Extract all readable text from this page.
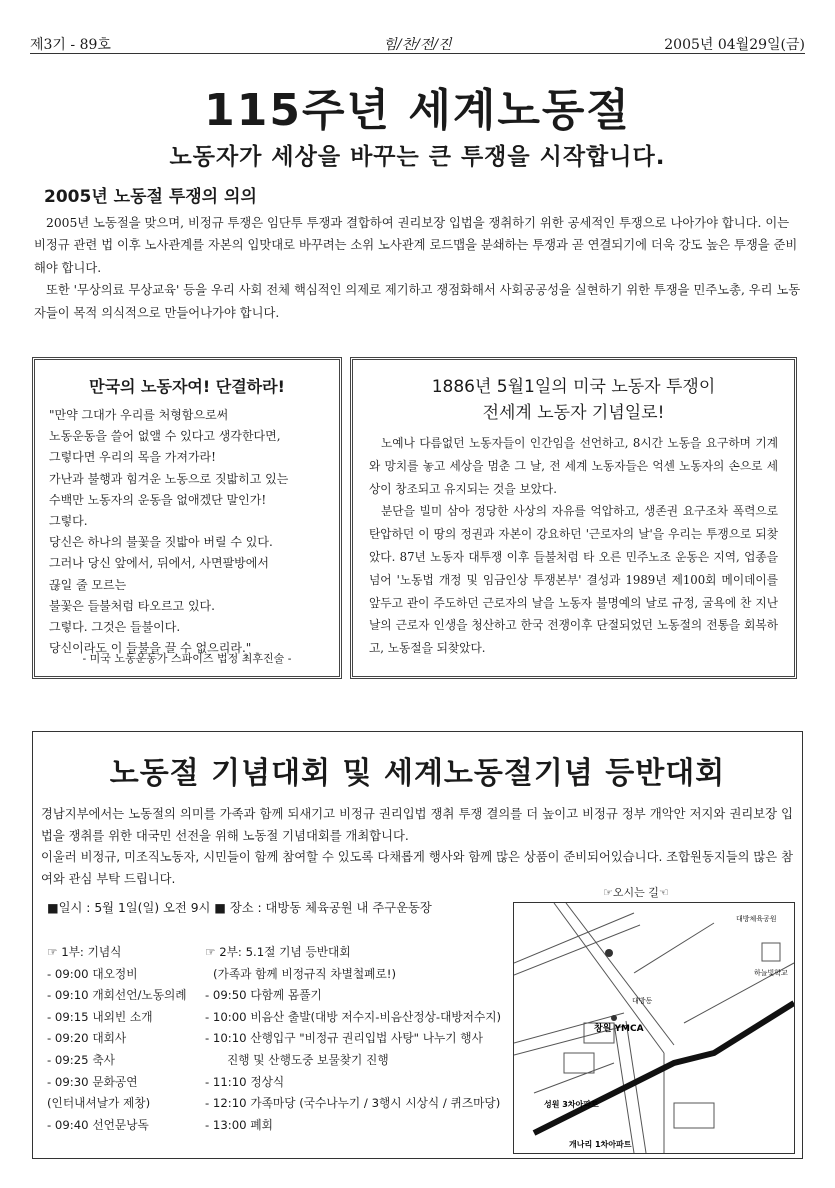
제3기 - 89호	힘/찬/전/진	2005년 04월29일(금)
115주년 세계노동절
노동자가 세상을 바꾸는 큰 투쟁을 시작합니다.
2005년 노동절 투쟁의 의의

2005년 노동절을 맞으며, 비정규 투쟁은 임단투 투쟁과 결합하여 권리보장 입법을 쟁취하기 위한 공세적인 투쟁으로 나아가야 합니다. 이는 비정규 관련 법 이후 노사관계를 자본의 입맛대로 바꾸려는 소위 노사관계 로드맵을 분쇄하는 투쟁과 곧 연결되기에 더욱 강도 높은 투쟁을 준비해야 합니다.

또한 '무상의료 무상교육' 등을 우리 사회 전체 핵심적인 의제로 제기하고 쟁점화해서 사회공공성을 실현하기 위한 투쟁을 민주노총, 우리 노동자들이 목적 의식적으로 만들어나가야 합니다.

만국의 노동자여! 단결하라!
"만약 그대가 우리를 처형함으로써
노동운동을 쓸어 없앨 수 있다고 생각한다면,
그렇다면 우리의 목을 가져가라!
가난과 불행과 힘겨운 노동으로 짓밟히고 있는
수백만 노동자의 운동을 없애겠단 말인가!
그렇다.
당신은 하나의 불꽃을 짓밟아 버릴 수 있다.
그러나 당신 앞에서, 뒤에서, 사면팔방에서
끊일 줄 모르는
불꽃은 들불처럼 타오르고 있다.
그렇다. 그것은 들불이다.
당신이라도 이 들불을 끌 수 없으리라."
- 미국 노동운동가 스파이즈 법정 최후진술 -
1886년 5월1일의 미국 노동자 투쟁이
전세계 노동자 기념일로!

노예나 다름없던 노동자들이 인간임을 선언하고, 8시간 노동을 요구하며 기계와 망치를 놓고 세상을 멈춘 그 날, 전 세계 노동자들은 억센 노동자의 손으로 세상이 창조되고 유지되는 것을 보았다.

분단을 빌미 삼아 정당한 사상의 자유를 억압하고, 생존권 요구조차 폭력으로 탄압하던 이 땅의 정권과 자본이 강요하던 '근로자의 날'을 우리는 투쟁으로 되찾았다. 87년 노동자 대투쟁 이후 들불처럼 타 오른 민주노조 운동은 지역, 업종을 넘어 '노동법 개정 및 임금인상 투쟁본부' 결성과 1989년 제100회 메이데이를 앞두고 관이 주도하던 근로자의 날을 노동자 불명예의 날로 규정, 굴욕에 찬 지난 날의 근로자 인생을 청산하고 한국 전쟁이후 단절되었던 노동절의 전통을 회복하고, 노동절을 되찾았다.

노동절 기념대회 및 세계노동절기념 등반대회

경남지부에서는 노동절의 의미를 가족과 함께 되새기고 비정규 권리입법 쟁취 투쟁 결의를 더 높이고 비정규 정부 개악안 저지와 권리보장 입법을 쟁취를 위한 대국민 선전을 위해 노동절 기념대회를 개최합니다.

이울러 비정규, 미조직노동자, 시민들이 함께 참여할 수 있도록 다채롭게 행사와 함께 많은 상품이 준비되어있습니다. 조합원동지들의 많은 참여와 관심 부탁 드립니다.

■일시 : 5월 1일(일) 오전 9시 ■ 장소 : 대방동 체육공원 내 주구운동장
☞ 1부: 기념식
- 09:00 대오정비
- 09:10 개회선언/노동의례
- 09:15 내외빈 소개
- 09:20 대회사
- 09:25 축사
- 09:30 문화공연
(인터내셔날가 제창)
- 09:40 선언문낭독
☞ 2부: 5.1절 기념 등반대회
(가족과 함께 비정규직 차별철폐로!)
- 09:50 다함께 몸풀기
- 10:00 비음산 출발(대방 저수지-비음산정상-대방저수지)
- 10:10 산행입구 "비정규 권리입법 사탕" 나누기 행사
진행 및 산행도중 보물찾기 진행
- 11:10 정상식
- 12:10 가족마당 (국수나누기 / 3행시 시상식 / 퀴즈마당)
- 13:00 폐회
☞오시는 길☜
대방체육공원
하늘빛학교
대방동
창원 YMCA
성원 3차아파트
개나리 1차아파트
